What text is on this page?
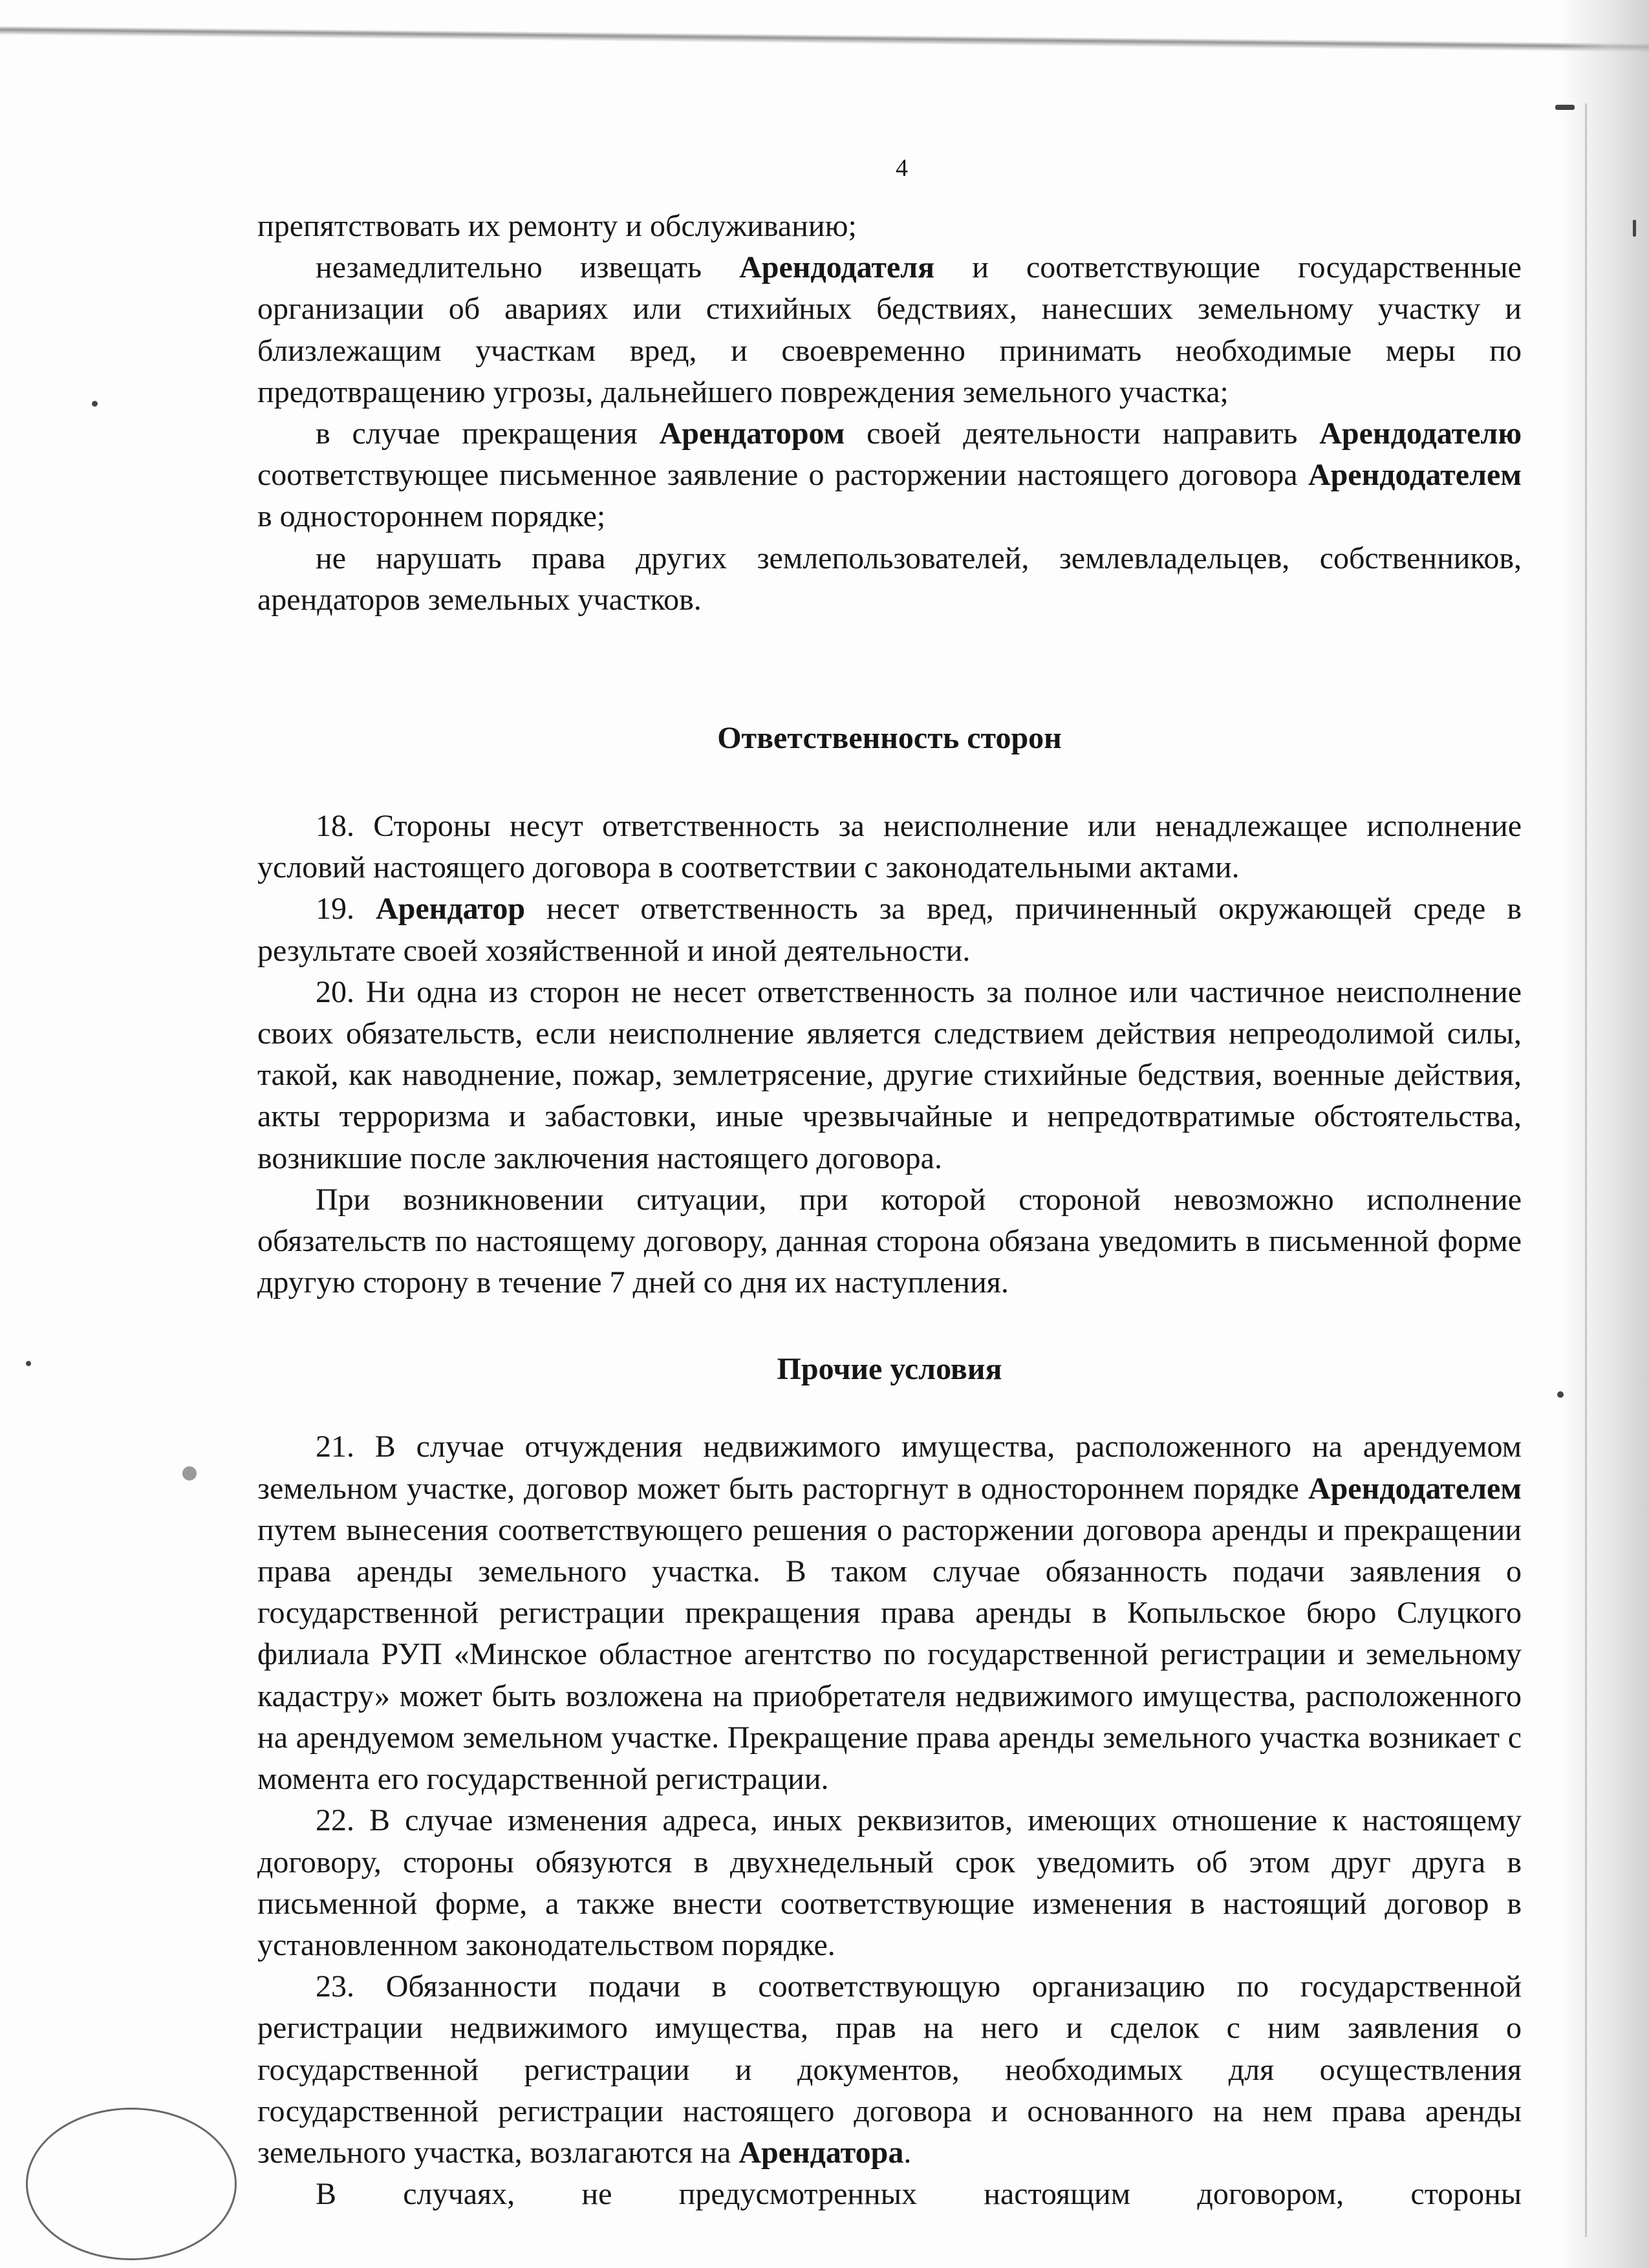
4

препятствовать их ремонту и обслуживанию;

незамедлительно извещать Арендодателя и соответствующие государственные организации об авариях или стихийных бедствиях, нанесших земельному участку и близлежащим участкам вред, и своевременно принимать необходимые меры по предотвращению угрозы, дальнейшего повреждения земельного участка;

в случае прекращения Арендатором своей деятельности направить Арендодателю соответствующее письменное заявление о расторжении настоящего договора Арендодателем в одностороннем порядке;

не нарушать права других землепользователей, землевладельцев, собственников, арендаторов земельных участков.

Ответственность сторон

18. Стороны несут ответственность за неисполнение или ненадлежащее исполнение условий настоящего договора в соответствии с законодательными актами.

19. Арендатор несет ответственность за вред, причиненный окружающей среде в результате своей хозяйственной и иной деятельности.

20. Ни одна из сторон не несет ответственность за полное или частичное неисполнение своих обязательств, если неисполнение является следствием действия непреодолимой силы, такой, как наводнение, пожар, землетрясение, другие стихийные бедствия, военные действия, акты терроризма и забастовки, иные чрезвычайные и непредотвратимые обстоятельства, возникшие после заключения настоящего договора.

При возникновении ситуации, при которой стороной невозможно исполнение обязательств по настоящему договору, данная сторона обязана уведомить в письменной форме другую сторону в течение 7 дней со дня их наступления.

Прочие условия

21. В случае отчуждения недвижимого имущества, расположенного на арендуемом земельном участке, договор может быть расторгнут в одностороннем порядке Арендодателем путем вынесения соответствующего решения о расторжении договора аренды и прекращении права аренды земельного участка. В таком случае обязанность подачи заявления о государственной регистрации прекращения права аренды в Копыльское бюро Слуцкого филиала РУП «Минское областное агентство по государственной регистрации и земельному кадастру» может быть возложена на приобретателя недвижимого имущества, расположенного на арендуемом земельном участке. Прекращение права аренды земельного участка возникает с момента его государственной регистрации.

22. В случае изменения адреса, иных реквизитов, имеющих отношение к настоящему договору, стороны обязуются в двухнедельный срок уведомить об этом друг друга в письменной форме, а также внести соответствующие изменения в настоящий договор в установленном законодательством порядке.

23. Обязанности подачи в соответствующую организацию по государственной регистрации недвижимого имущества, прав на него и сделок с ним заявления о государственной регистрации и документов, необходимых для осуществления государственной регистрации настоящего договора и основанного на нем права аренды земельного участка, возлагаются на Арендатора.

В случаях, не предусмотренных настоящим договором, стороны
